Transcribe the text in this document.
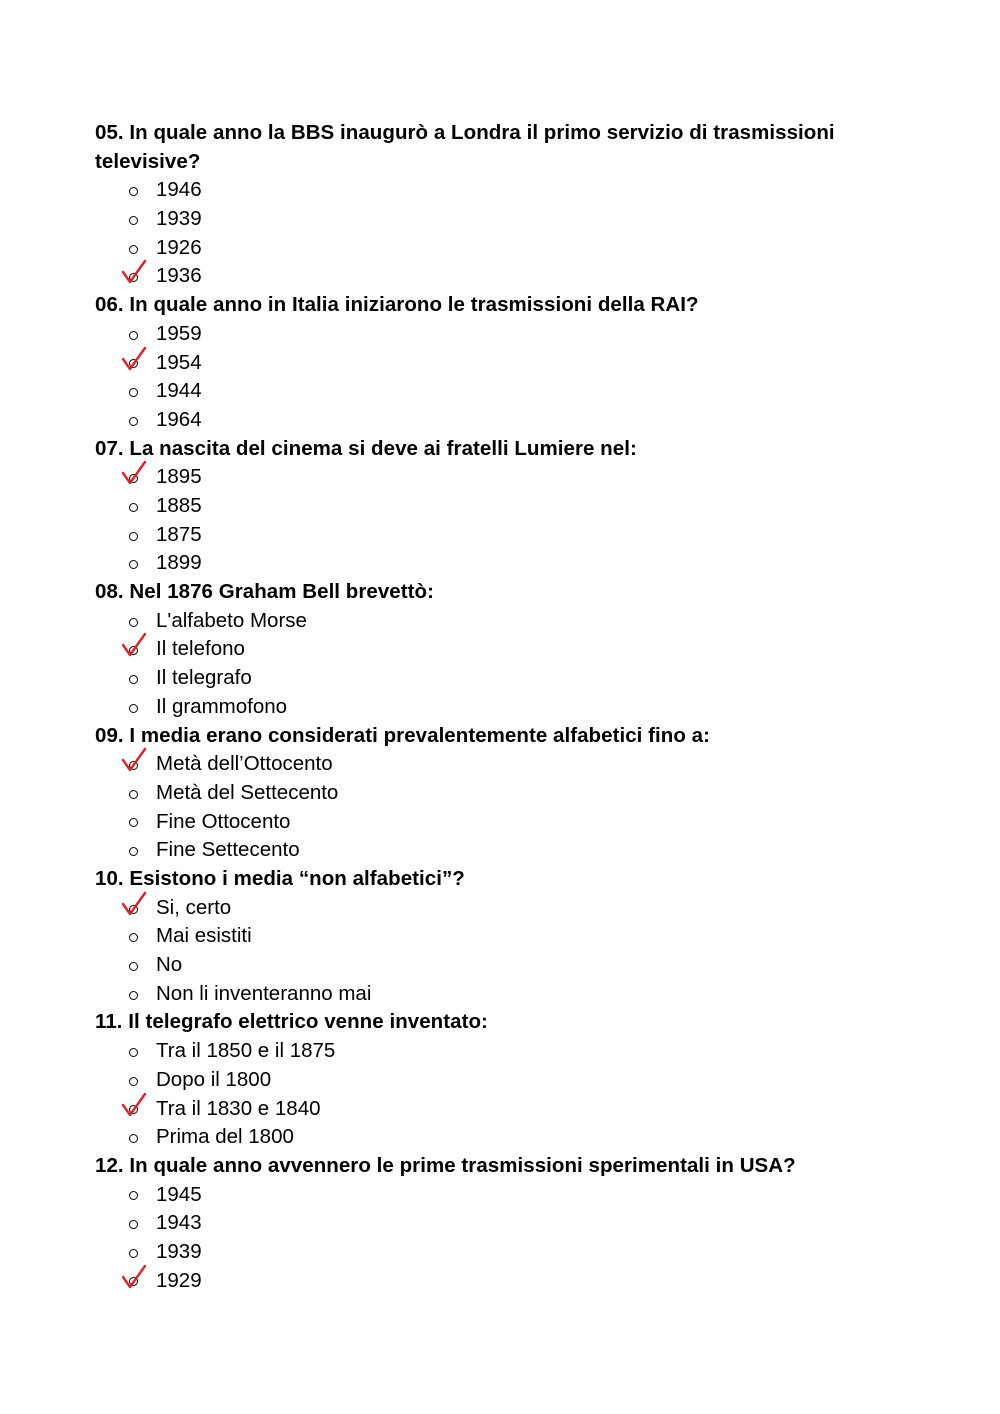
05. In quale anno la BBS inaugurò a Londra il primo servizio di trasmissioni televisive?

1946
1939
1926
1936

06. In quale anno in Italia iniziarono le trasmissioni della RAI?

1959
1954
1944
1964

07. La nascita del cinema si deve ai fratelli Lumiere nel:

1895
1885
1875
1899

08. Nel 1876 Graham Bell brevettò:

L'alfabeto Morse
Il telefono
Il telegrafo
Il grammofono

09. I media erano considerati prevalentemente alfabetici fino a:

Metà dell’Ottocento
Metà del Settecento
Fine Ottocento
Fine Settecento

10. Esistono i media “non alfabetici”?

Si, certo
Mai esistiti
No
Non li inventeranno mai

11. Il telegrafo elettrico venne inventato:

Tra il 1850 e il 1875
Dopo il 1800
Tra il 1830 e 1840
Prima del 1800

12. In quale anno avvennero le prime trasmissioni sperimentali in USA?

1945
1943
1939
1929
